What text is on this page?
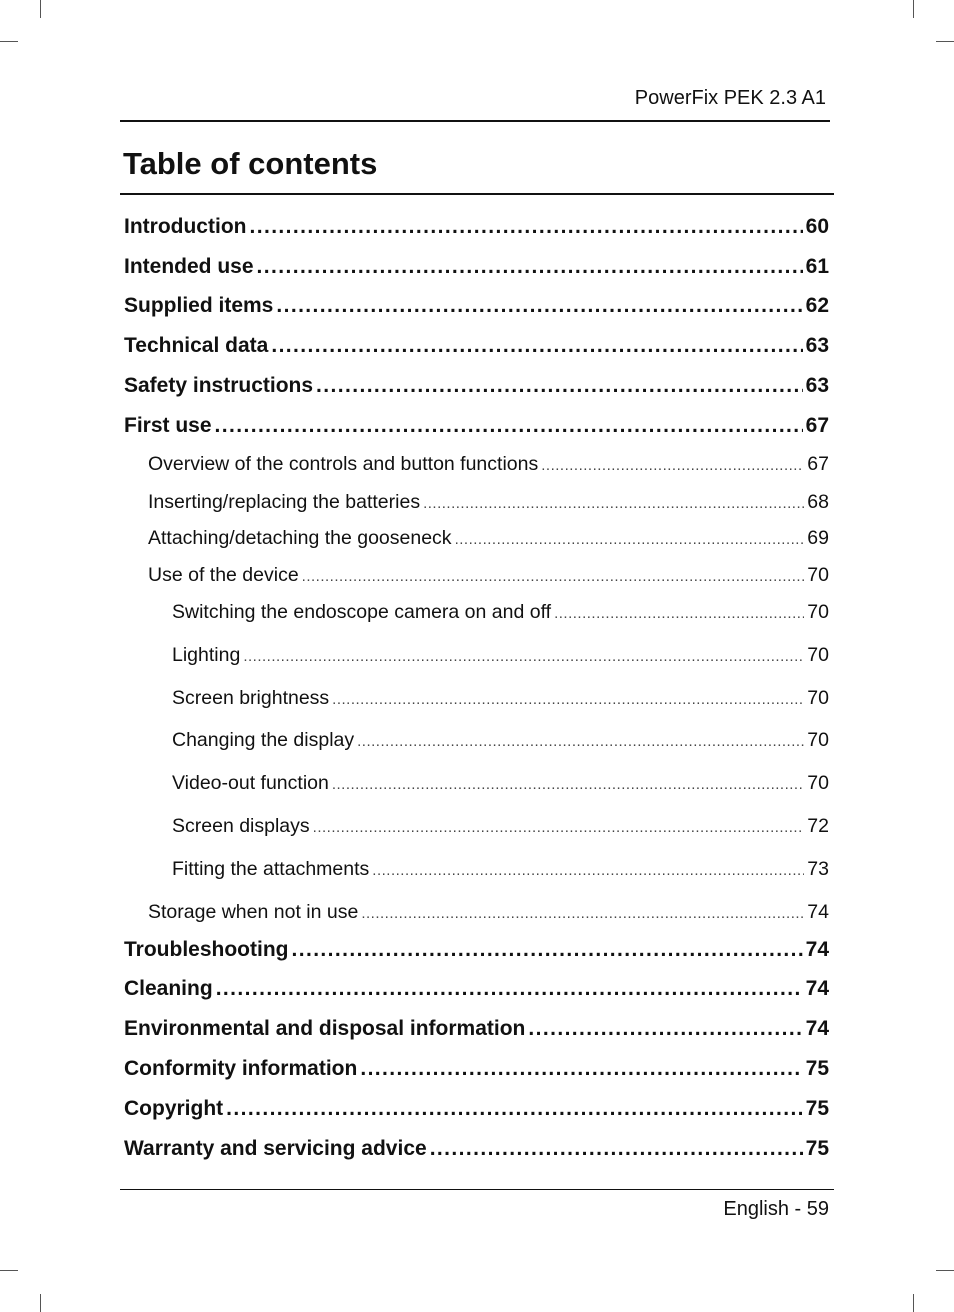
PowerFix PEK 2.3 A1
Table of contents
Introduction .....	60
Intended use .....	61
Supplied items .....	62
Technical data .....	63
Safety instructions .....	63
First use .....	67
Overview of the controls and button functions .....	67
Inserting/replacing the batteries .....	68
Attaching/detaching the gooseneck .....	69
Use of the device .....	70
Switching the endoscope camera on and off .....	70
Lighting .....	70
Screen brightness .....	70
Changing the display .....	70
Video-out function .....	70
Screen displays .....	72
Fitting the attachments .....	73
Storage when not in use .....	74
Troubleshooting .....	74
Cleaning .....	74
Environmental and disposal information .....	74
Conformity information .....	75
Copyright .....	75
Warranty and servicing advice .....	75
English - 59
